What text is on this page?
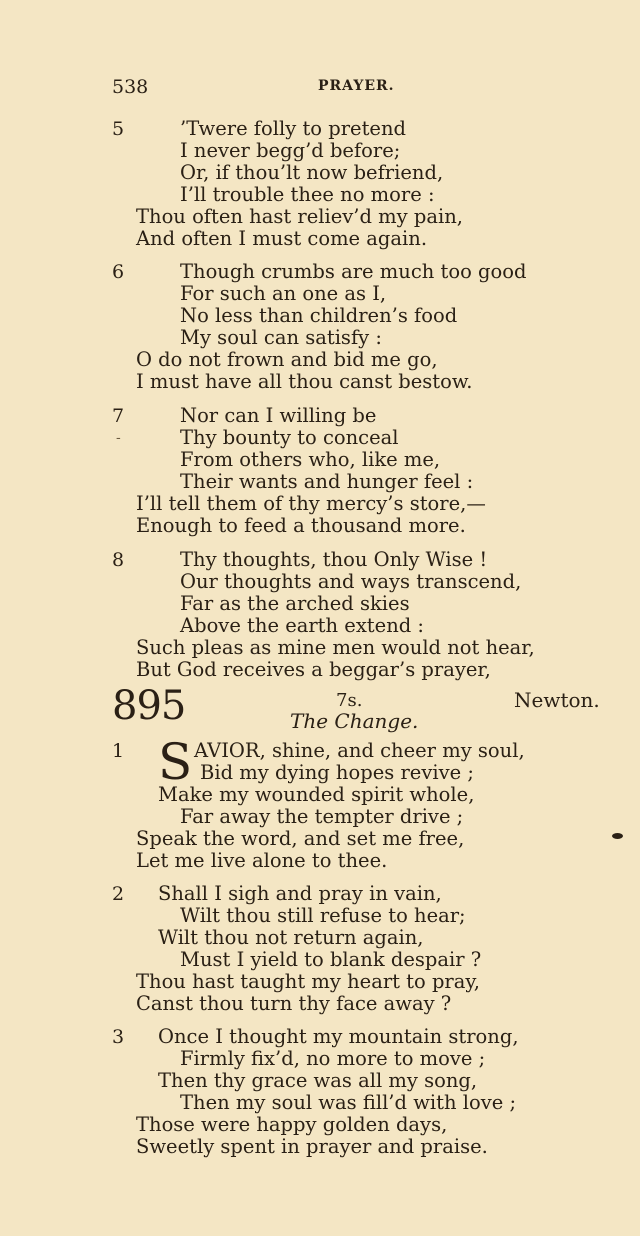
538	PRAYER.
5	’Twere folly to pretend
I never begg’d before;
Or, if thou’lt now befriend,
I’ll trouble thee no more :
Thou often hast reliev’d my pain,
And often I must come again.
6	Though crumbs are much too good
For such an one as I,
No less than children’s food
My soul can satisfy :
O do not frown and bid me go,
I must have all thou canst bestow.
7	Nor can I willing be
Thy bounty to conceal
From others who, like me,
Their wants and hunger feel :
I’ll tell them of thy mercy’s store,—
Enough to feed a thousand more.
-
8	Thy thoughts, thou Only Wise !
Our thoughts and ways transcend,
Far as the arched skies
Above the earth extend :
Such pleas as mine men would not hear,
But God receives a beggar’s prayer,
895	7s.	Newton.
The Change.
S
1	AVIOR, shine, and cheer my soul,
Bid my dying hopes revive ;
Make my wounded spirit whole,
Far away the tempter drive ;
Speak the word, and set me free,
Let me live alone to thee.
2 Shall I sigh and pray in vain,
Wilt thou still refuse to hear;
Wilt thou not return again,
Must I yield to blank despair ?
Thou hast taught my heart to pray,
Canst thou turn thy face away ?
3 Once I thought my mountain strong,
Firmly fix’d, no more to move ;
Then thy grace was all my song,
Then my soul was fill’d with love ;
Those were happy golden days,
Sweetly spent in prayer and praise.
